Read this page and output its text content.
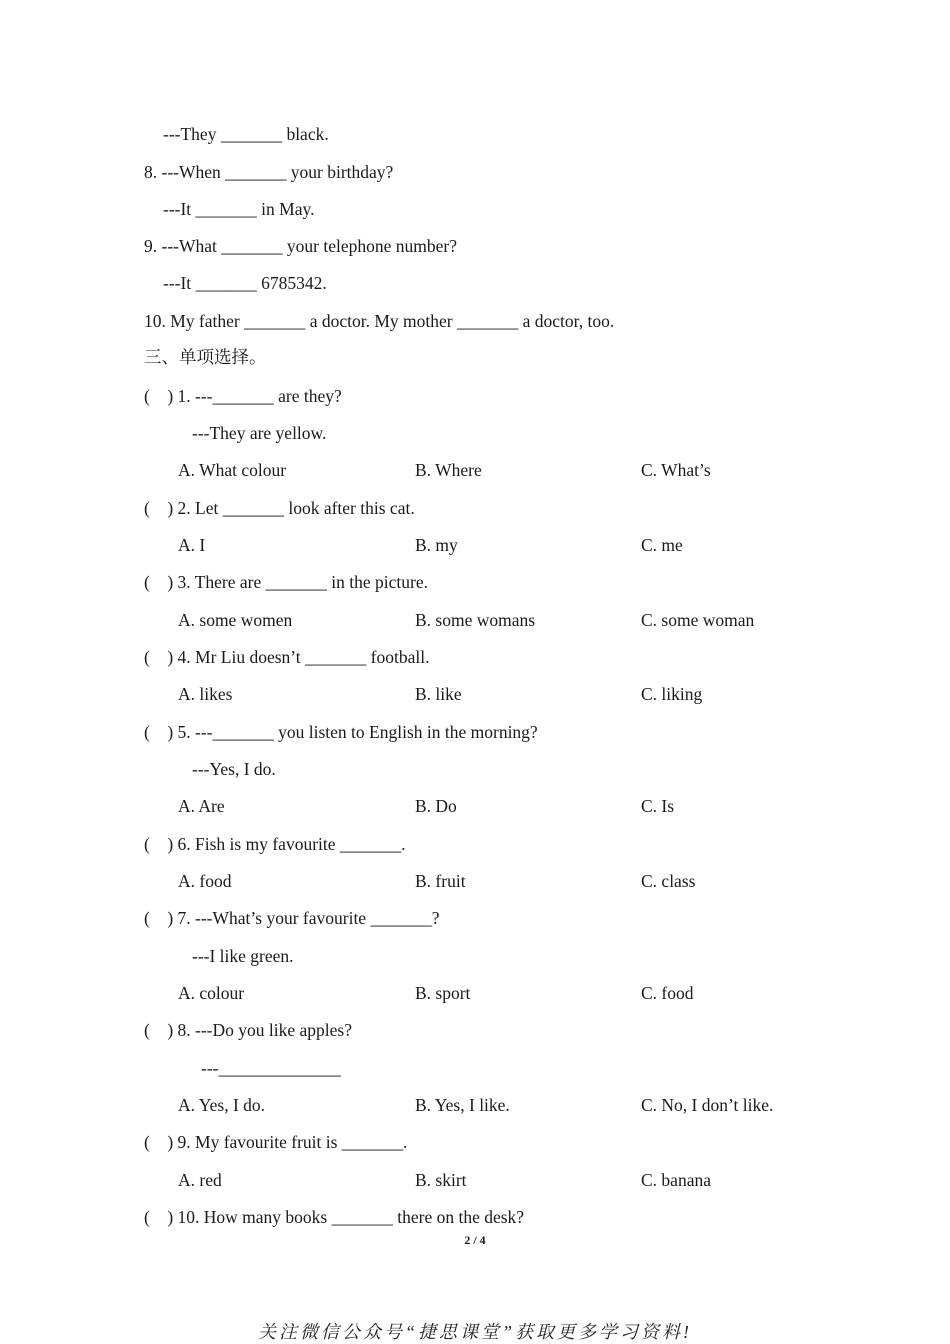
---They _______ black.
8. ---When _______ your birthday?
---It _______ in May.
9. ---What _______ your telephone number?
---It _______ 6785342.
10. My father _______ a doctor. My mother _______ a doctor, too.
三、单项选择。
(    ) 1. ---_______ are they?
---They are yellow.
A. What colour	B. Where	C. What’s
(    ) 2. Let _______ look after this cat.
A. I	B. my	C. me
(    ) 3. There are _______ in the picture.
A. some women	B. some womans	C. some woman
(    ) 4. Mr Liu doesn’t _______ football.
A. likes	B. like	C. liking
(    ) 5. ---_______ you listen to English in the morning?
---Yes, I do.
A. Are	B. Do	C. Is
(    ) 6. Fish is my favourite _______.
A. food	B. fruit	C. class
(    ) 7. ---What’s your favourite _______?
---I like green.
A. colour	B. sport	C. food
(    ) 8. ---Do you like apples?
---______________
A. Yes, I do.	B. Yes, I like.	C. No, I don’t like.
(    ) 9. My favourite fruit is _______.
A. red	B. skirt	C. banana
(    ) 10. How many books _______ there on the desk?
2 / 4
关注微信公众号“捷思课堂”获取更多学习资料!
